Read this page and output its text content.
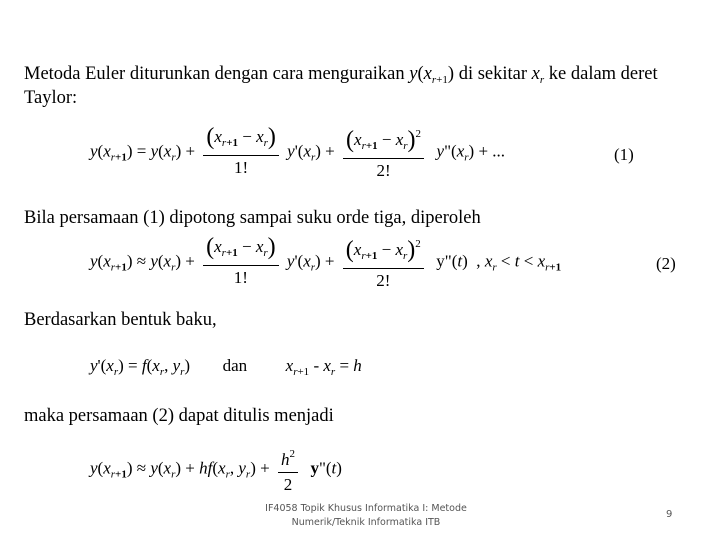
Metoda Euler diturunkan dengan cara menguraikan $y(x_{r+1})$ di sekitar $x_r$ ke dalam deret
Taylor:
$y(x_{r+1}) = y(x_r) + \frac{(x_{r+1} - x_r)}{1!} y'(x_r) + \frac{(x_{r+1} - x_r)^2}{2!}$ $y"(x_r)$ + ...	(1)
Bila persamaan (1) dipotong sampai suku orde tiga, diperoleh
$y(x_{r+1}) \approx y(x_r) + \frac{(x_{r+1} - x_r)}{1!} y'(x_r) + \frac{(x_{r+1} - x_r)^2}{2!}$ y"(t)  , $x_r < t < x_{r+1}$	(2)
Berdasarkan bentuk baku,
$y'(x_r) = f(x_r$, $y_r$)  dan $x_{r+1} - x_r = h$
maka persamaan (2) dapat ditulis menjadi
$y(x_{r+1}) \approx y(x_r) + hf(x_r$, $y_r) + \frac{h^2}{2}$ y"(t)
IF4058 Topik Khusus Informatika I: Metode
Numerik/Teknik Informatika ITB
9
